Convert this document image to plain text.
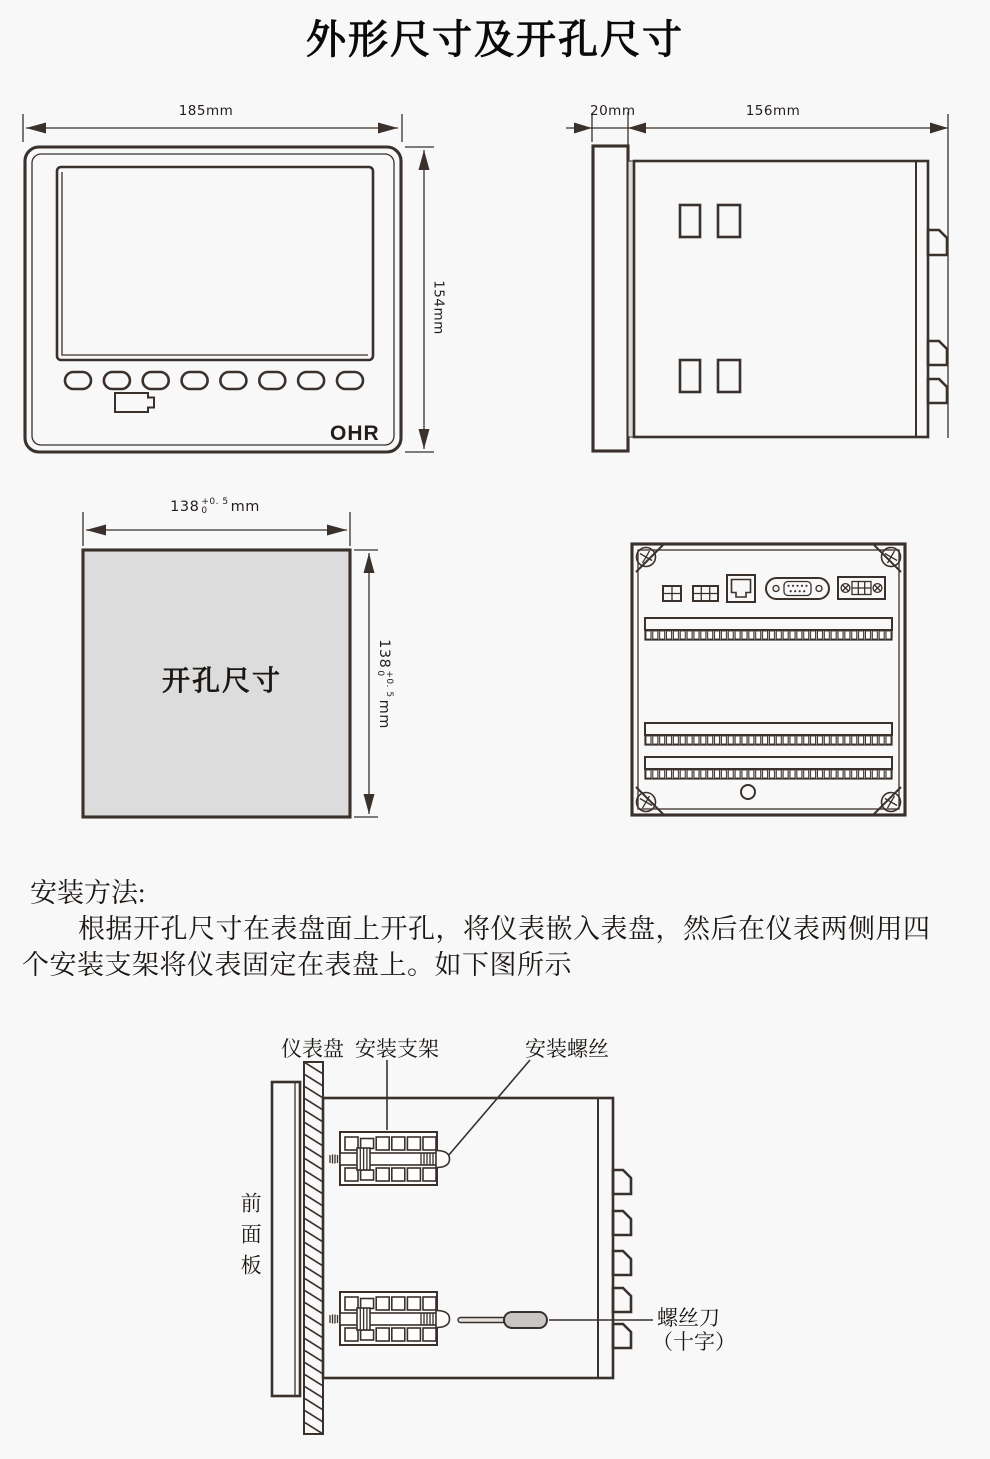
外形尺寸及开孔尺寸
185mm
154mm
OHR
20mm	156mm
138 +0. 5
0	mm
138
+0. 5
0
mm
开孔尺寸
安装方法:
根据开孔尺寸在表盘面上开孔，将仪表嵌入表盘，然后在仪表两侧用四
个安装支架将仪表固定在表盘上。如下图所示
仪表盘 安装支架	安装螺丝
前面板
螺丝刀
（十字）
